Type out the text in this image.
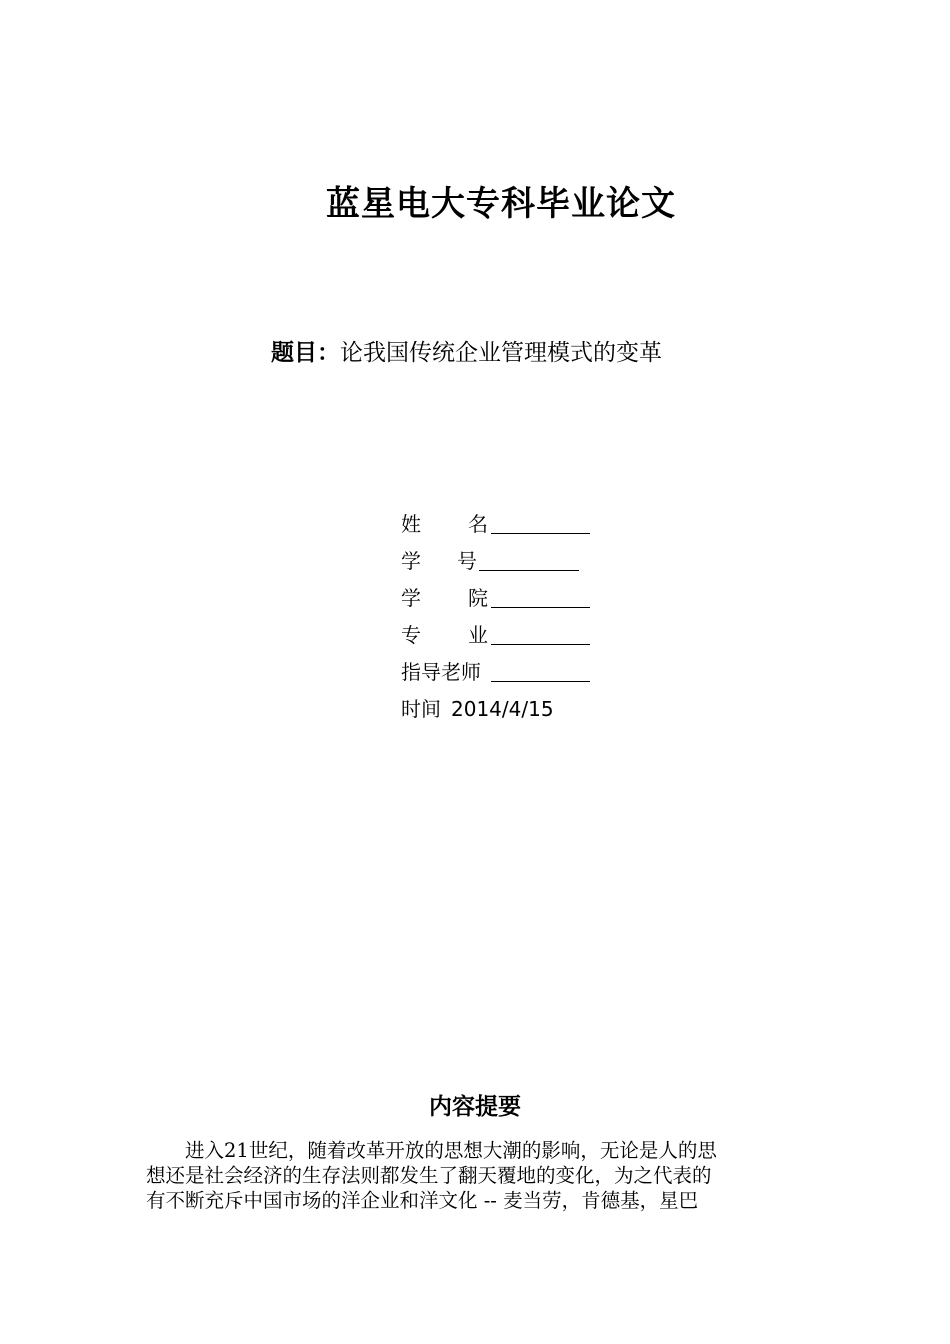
蓝星电大专科毕业论文
题目：论我国传统企业管理模式的变革
姓 名
学 号
学 院
专 业
指导老师
时间 2014/4/15
内容提要
　　进入21世纪，随着改革开放的思想大潮的影响，无论是人的思
想还是社会经济的生存法则都发生了翻天覆地的变化，为之代表的
有不断充斥中国市场的洋企业和洋文化 -- 麦当劳，肯德基，星巴
